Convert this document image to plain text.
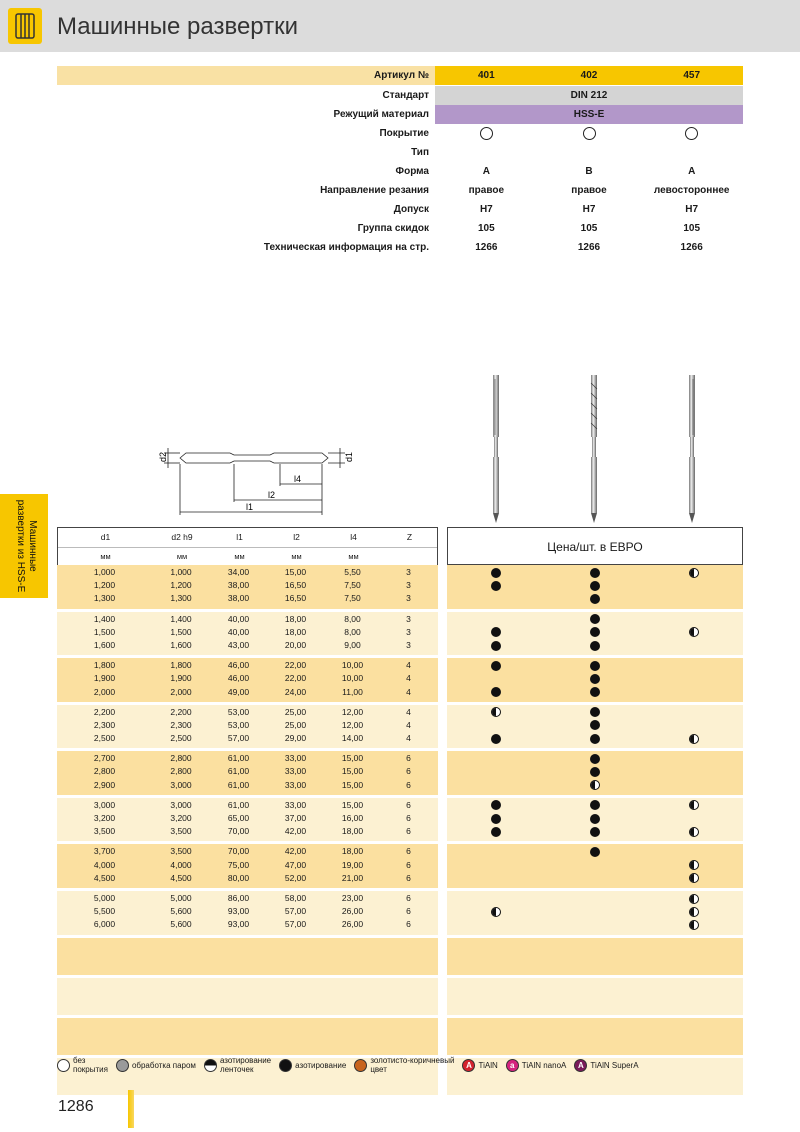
Машинные развертки
Машинные развертки из HSS-E
Артикул №	401	402	457
Стандарт	DIN 212
Режущий материал	HSS-E
Покрытие
Тип
Форма	A	B	A
Направление резания	правое	правое	левостороннее
Допуск	H7	H7	H7
Группа скидок	105	105	105
Техническая информация на стр.	1266	1266	1266
d2	d1
l4
l2
l1
d1	d2 h9	l1	l2	l4	Z
мм	мм	мм	мм	мм
Цена/шт. в ЕВРО
1,000	1,000	34,00	15,00	5,50	3
1,200	1,200	38,00	16,50	7,50	3
1,300	1,300	38,00	16,50	7,50	3
1,400	1,400	40,00	18,00	8,00	3
1,500	1,500	40,00	18,00	8,00	3
1,600	1,600	43,00	20,00	9,00	3
1,800	1,800	46,00	22,00	10,00	4
1,900	1,900	46,00	22,00	10,00	4
2,000	2,000	49,00	24,00	11,00	4
2,200	2,200	53,00	25,00	12,00	4
2,300	2,300	53,00	25,00	12,00	4
2,500	2,500	57,00	29,00	14,00	4
2,700	2,800	61,00	33,00	15,00	6
2,800	2,800	61,00	33,00	15,00	6
2,900	3,000	61,00	33,00	15,00	6
3,000	3,000	61,00	33,00	15,00	6
3,200	3,200	65,00	37,00	16,00	6
3,500	3,500	70,00	42,00	18,00	6
3,700	3,500	70,00	42,00	18,00	6
4,000	4,000	75,00	47,00	19,00	6
4,500	4,500	80,00	52,00	21,00	6
5,000	5,000	86,00	58,00	23,00	6
5,500	5,600	93,00	57,00	26,00	6
6,000	5,600	93,00	57,00	26,00	6
без
покрытия	обработка паром	азотирование
ленточек	азотирование	золотисто-коричневый
цвет	A TiAlN	a TiAlN nanoA	A TiAlN SuperA
1286
